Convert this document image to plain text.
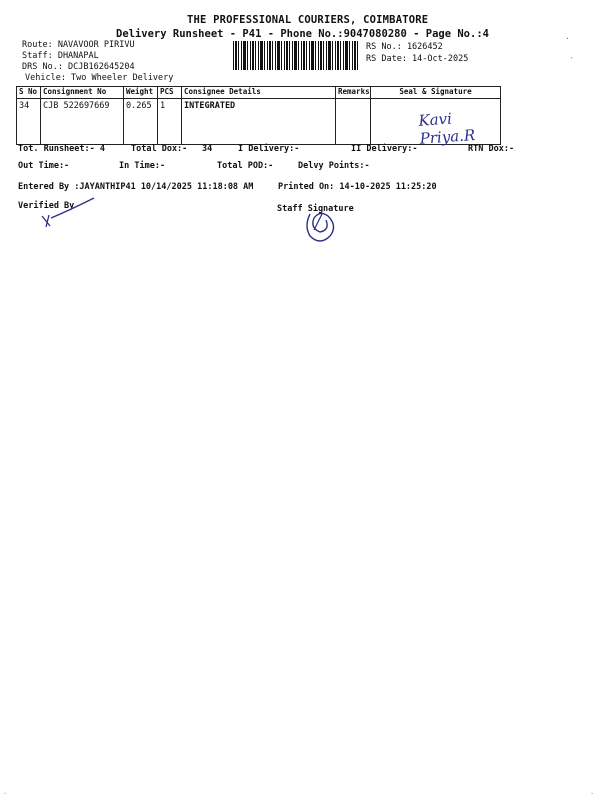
THE PROFESSIONAL COURIERS, COIMBATORE
Delivery Runsheet - P41 - Phone No.:9047080280 - Page No.:4
Route: NAVAVOOR PIRIVU
Staff: DHANAPAL
DRS No.: DCJB162645204
Vehicle: Two Wheeler Delivery
RS No.: 1626452
RS Date: 14-Oct-2025
·
ˎ
S No	Consignment No	Weight	PCS	Consignee Details	Remarks	Seal & Signature
34	CJB 522697669	0.265	1	INTEGRATED		Kavi Priya.R
Tot. Runsheet:- 4	Total Dox:- 34	I Delivery:-	II Delivery:-	RTN Dox:-
Out Time:-	In Time:-	Total POD:-	Delvy Points:-
Entered By :JAYANTHIP41 10/14/2025 11:18:08 AM	Printed On: 14-10-2025 11:25:20
Verified By	Staff Signature
.	.
